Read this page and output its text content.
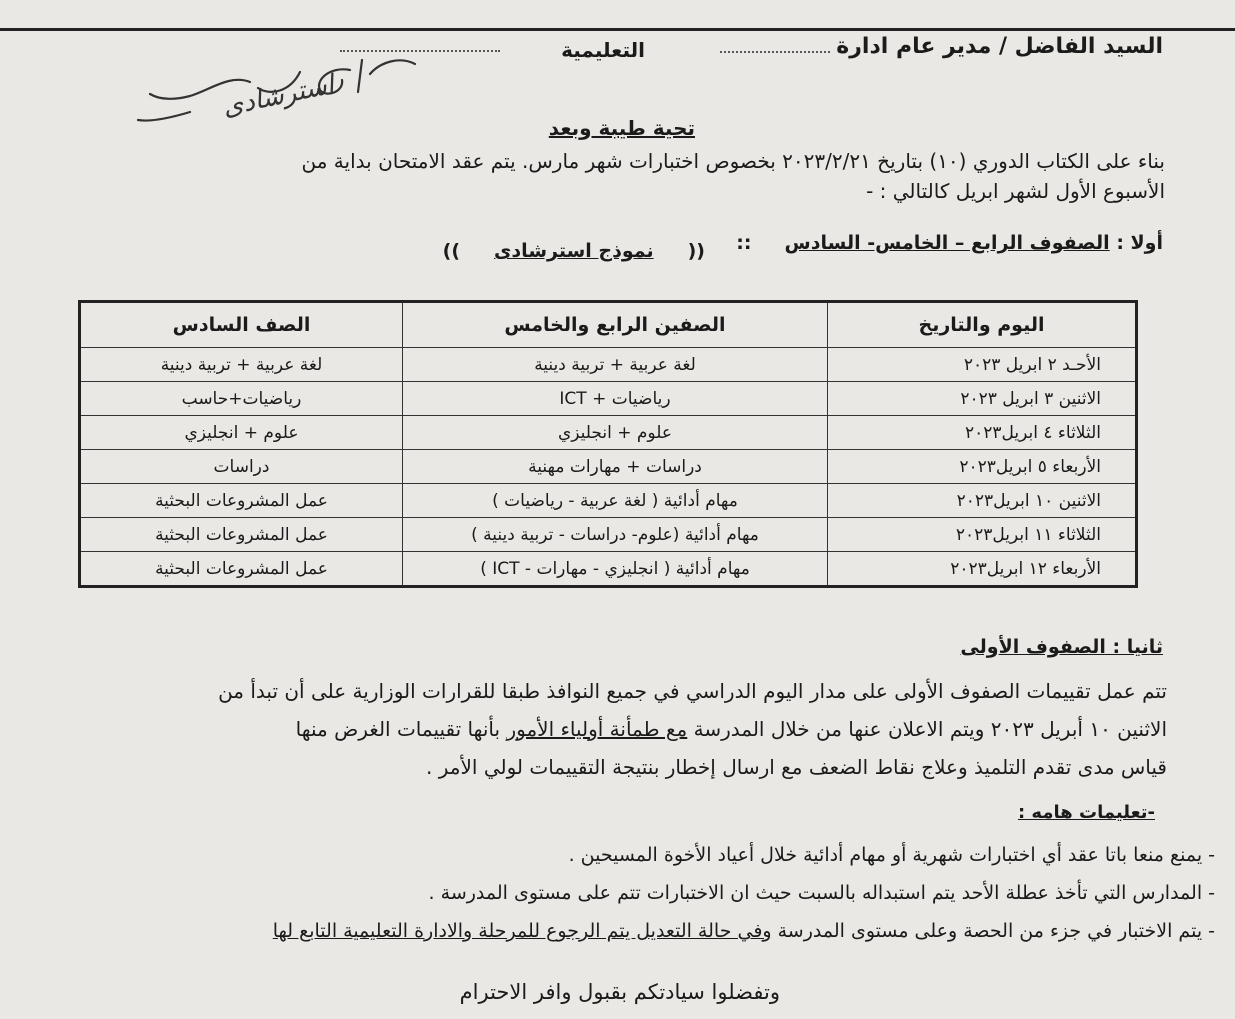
السيد الفاضل / مدير عام ادارة
التعليمية
استرشادى
تحية طيبة وبعد
بناء على الكتاب الدوري (١٠) بتاريخ ٢٠٢٣/٢/٢١ بخصوص اختبارات شهر مارس. يتم عقد الامتحان بداية من
الأسبوع الأول لشهر ابريل كالتالي : -
أولا : الصفوف الرابع – الخامس- السادس     ::
((نموذج استرشادى))
اليوم والتاريخ	الصفين الرابع والخامس	الصف السادس
الأحـد ٢ ابريل ٢٠٢٣	لغة عربية + تربية دينية	لغة عربية + تربية دينية
الاثنين ٣ ابريل ٢٠٢٣	رياضيات + ICT	رياضيات+حاسب
الثلاثاء ٤ ابريل٢٠٢٣	علوم + انجليزي	علوم + انجليزي
الأربعاء ٥ ابريل٢٠٢٣	دراسات + مهارات مهنية	دراسات
الاثنين ١٠ ابريل٢٠٢٣	مهام أدائية ( لغة عربية - رياضيات )	عمل المشروعات البحثية
الثلاثاء ١١ ابريل٢٠٢٣	مهام أدائية (علوم- دراسات - تربية دينية )	عمل المشروعات البحثية
الأربعاء ١٢ ابريل٢٠٢٣	مهام أدائية ( انجليزي - مهارات - ICT )	عمل المشروعات البحثية
ثانيا : الصفوف الأولى
تتم عمل تقييمات الصفوف الأولى على مدار اليوم الدراسي في جميع النوافذ طبقا للقرارات الوزارية على أن تبدأ من
الاثنين ١٠ أبريل ٢٠٢٣ ويتم الاعلان عنها من خلال المدرسة مع طمأنة أولياء الأمور بأنها تقييمات الغرض منها
قياس مدى تقدم التلميذ وعلاج نقاط الضعف مع ارسال إخطار بنتيجة التقييمات لولي الأمر .
-تعليمات هامه :
- يمنع منعا باتا عقد أي اختبارات شهرية أو مهام أدائية خلال أعياد الأخوة المسيحين .
- المدارس التي تأخذ عطلة الأحد يتم استبداله بالسبت حيث ان الاختبارات تتم على مستوى المدرسة .
- يتم الاختبار في جزء من الحصة وعلى مستوى المدرسة وفي حالة التعديل يتم الرجوع للمرحلة والادارة التعليمية التابع لها
وتفضلوا سيادتكم بقبول وافر الاحترام
